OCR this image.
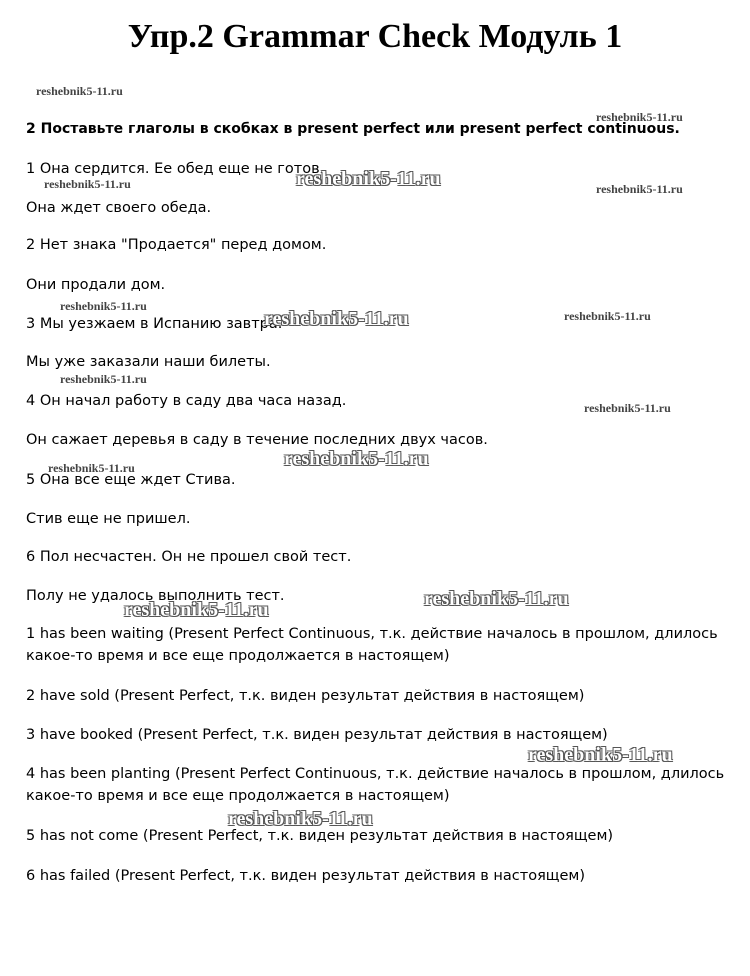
Упр.2 Grammar Check Модуль 1
2 Поставьте глаголы в скобках в present perfect или present perfect continuous.
1 Она сердится. Ее обед еще не готов.
Она ждет своего обеда.
2 Нет знака "Продается" перед домом.
Они продали дом.
3 Мы уезжаем в Испанию завтра.
Мы уже заказали наши билеты.
4 Он начал работу в саду два часа назад.
Он сажает деревья в саду в течение последних двух часов.
5 Она все еще ждет Стива.
Стив еще не пришел.
6 Пол несчастен. Он не прошел свой тест.
Полу не удалось выполнить тест.
1 has been waiting (Present Perfect Continuous, т.к. действие началось в прошлом, длилось какое-то время и все еще продолжается в настоящем)
2 have sold (Present Perfect, т.к. виден результат действия в настоящем)
3 have booked (Present Perfect, т.к. виден результат действия в настоящем)
4 has been planting (Present Perfect Continuous, т.к. действие началось в прошлом, длилось какое-то время и все еще продолжается в настоящем)
5 has not come (Present Perfect, т.к. виден результат действия в настоящем)
6 has failed (Present Perfect, т.к. виден результат действия в настоящем)
reshebnik5-11.ru
reshebnik5-11.ru
reshebnik5-11.ru	reshebnik5-11.ru	reshebnik5-11.ru
reshebnik5-11.ru
reshebnik5-11.ru	reshebnik5-11.ru
reshebnik5-11.ru
reshebnik5-11.ru
reshebnik5-11.ru
reshebnik5-11.ru
reshebnik5-11.ru
reshebnik5-11.ru
reshebnik5-11.ru
reshebnik5-11.ru
